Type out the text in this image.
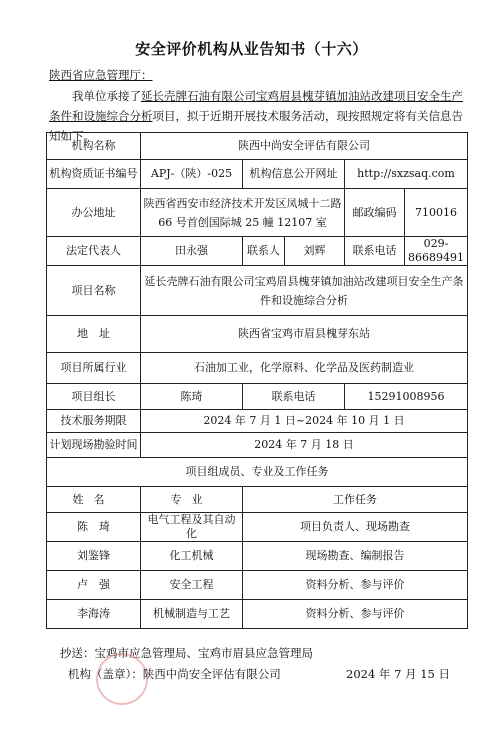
安全评价机构从业告知书（十六）
陕西省应急管理厅：
我单位承接了延长壳牌石油有限公司宝鸡眉县槐芽镇加油站改建项目安全生产条件和设施综合分析项目，拟于近期开展技术服务活动，现按照规定将有关信息告知如下。
机构名称	陕西中尚安全评估有限公司				
机构资质证书编号	APJ-（陕）-025	机构信息公开网址		http://sxzsaq.com	
办公地址	陕西省西安市经济技术开发区凤城十二路 66 号首创国际城 25 幢 12107 室			邮政编码	710016
法定代表人	田永强	联系人	刘辉	联系电话	029-86689491
项目名称	延长壳牌石油有限公司宝鸡眉县槐芽镇加油站改建项目安全生产条件和设施综合分析				
地　址	陕西省宝鸡市眉县槐芽东站				
项目所属行业	石油加工业，化学原料、化学品及医药制造业				
项目组长	陈琦	联系电话		15291008956	
技术服务期限	2024 年 7 月 1 日~2024 年 10 月 1 日				
计划现场勘验时间	2024 年 7 月 18 日				
项目组成员、专业及工作任务					
姓名	专业	工作任务			
陈　琦	电气工程及其自动化	项目负责人、现场勘查			
刘鉴锋	化工机械	现场勘查、编制报告			
卢　强	安全工程	资料分析、参与评价			
李海涛	机械制造与工艺	资料分析、参与评价			
抄送：宝鸡市应急管理局、宝鸡市眉县应急管理局
机构（盖章）：陕西中尚安全评估有限公司	2024 年 7 月 15 日
